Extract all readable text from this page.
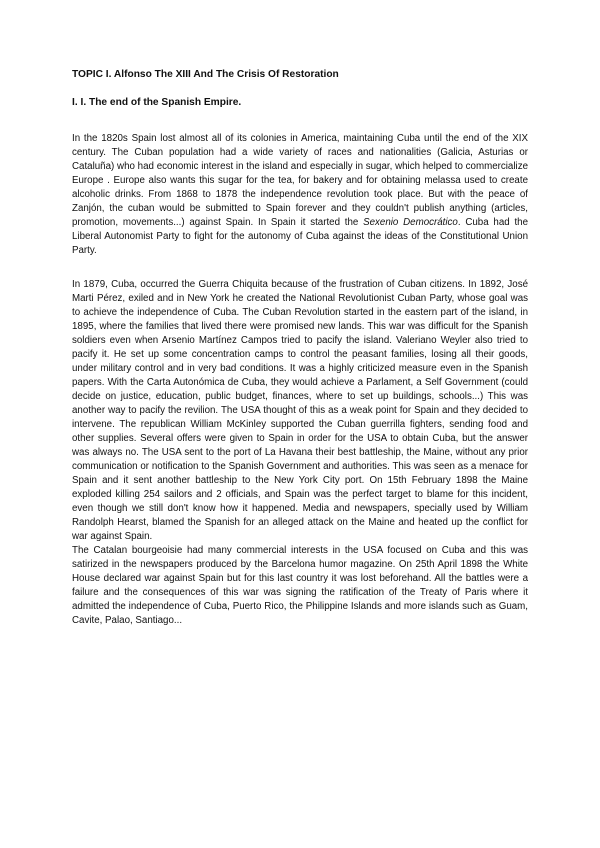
TOPIC I. Alfonso The XIII And The Crisis Of Restoration

I. I. The end of the Spanish Empire.

In the 1820s Spain lost almost all of its colonies in America, maintaining Cuba until the end of the XIX century. The Cuban population had a wide variety of races and nationalities (Galicia, Asturias or Cataluña) who had economic interest in the island and especially in sugar, which helped to commercialize Europe . Europe also wants this sugar for the tea, for bakery and for obtaining melassa used to create alcoholic drinks. From 1868 to 1878 the independence revolution took place. But with the peace of Zanjón, the cuban would be submitted to Spain forever and they couldn't publish anything (articles, promotion, movements...) against Spain. In Spain it started the Sexenio Democrático. Cuba had the Liberal Autonomist Party to fight for the autonomy of Cuba against the ideas of the Constitutional Union Party.

In 1879, Cuba, occurred the Guerra Chiquita because of the frustration of Cuban citizens. In 1892, José Marti Pérez, exiled and in New York he created the National Revolutionist Cuban Party, whose goal was to achieve the independence of Cuba. The Cuban Revolution started in the eastern part of the island, in 1895, where the families that lived there were promised new lands. This war was difficult for the Spanish soldiers even when Arsenio Martínez Campos tried to pacify the island. Valeriano Weyler also tried to pacify it. He set up some concentration camps to control the peasant families, losing all their goods, under military control and in very bad conditions. It was a highly criticized measure even in the Spanish papers. With the Carta Autonómica de Cuba, they would achieve a Parlament, a Self Government (could decide on justice, education, public budget, finances, where to set up buildings, schools...) This was another way to pacify the revilion. The USA thought of this as a weak point for Spain and they decided to intervene. The republican William McKinley supported the Cuban guerrilla fighters, sending food and other supplies. Several offers were given to Spain in order for the USA to obtain Cuba, but the answer was always no. The USA sent to the port of La Havana their best battleship, the Maine, without any prior communication or notification to the Spanish Government and authorities. This was seen as a menace for Spain and it sent another battleship to the New York City port. On 15th February 1898 the Maine exploded killing 254 sailors and 2 officials, and Spain was the perfect target to blame for this incident, even though we still don't know how it happened. Media and newspapers, specially used by William Randolph Hearst, blamed the Spanish for an alleged attack on the Maine and heated up the conflict for war against Spain.

The Catalan bourgeoisie had many commercial interests in the USA focused on Cuba and this was satirized in the newspapers produced by the Barcelona humor magazine. On 25th April 1898 the White House declared war against Spain but for this last country it was lost beforehand. All the battles were a failure and the consequences of this war was signing the ratification of the Treaty of Paris where it admitted the independence of Cuba, Puerto Rico, the Philippine Islands and more islands such as Guam, Cavite, Palao, Santiago...
